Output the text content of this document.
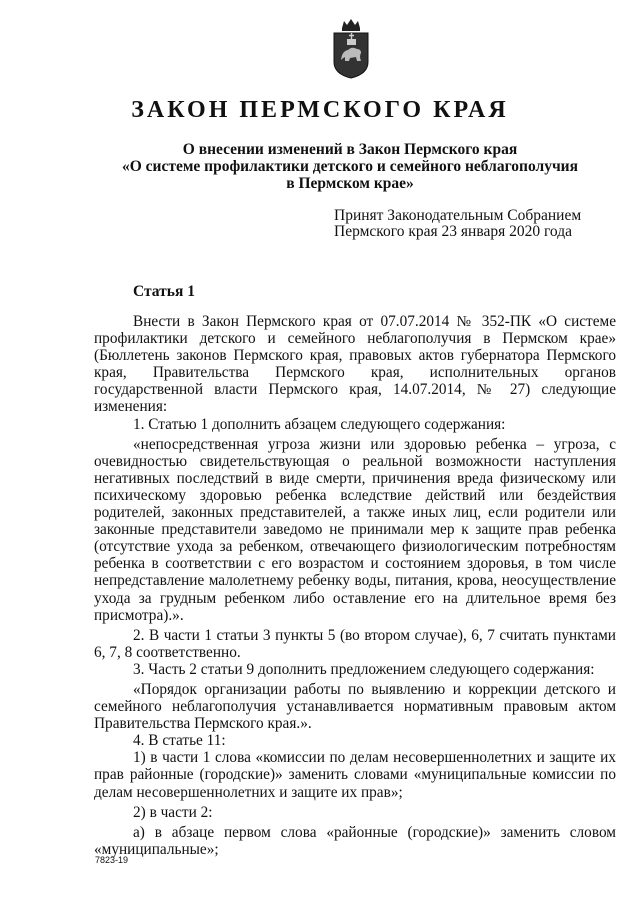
ЗАКОН ПЕРМСКОГО КРАЯ
О внесении изменений в Закон Пермского края
«О системе профилактики детского и семейного неблагополучия
в Пермском крае»
Принят Законодательным Собранием
Пермского края 23 января 2020 года
Статья 1

Внести в Закон Пермского края от 07.07.2014 № 352-ПК «О системе профилактики детского и семейного неблагополучия в Пермском крае» (Бюллетень законов Пермского края, правовых актов губернатора Пермского края, Правительства Пермского края, исполнительных органов государственной власти Пермского края, 14.07.2014, № 27) следующие изменения:

1. Статью 1 дополнить абзацем следующего содержания:

«непосредственная угроза жизни или здоровью ребенка – угроза, с очевидностью свидетельствующая о реальной возможности наступления негативных последствий в виде смерти, причинения вреда физическому или психическому здоровью ребенка вследствие действий или бездействия родителей, законных представителей, а также иных лиц, если родители или законные представители заведомо не принимали мер к защите прав ребенка (отсутствие ухода за ребенком, отвечающего физиологическим потребностям ребенка в соответствии с его возрастом и состоянием здоровья, в том числе непредставление малолетнему ребенку воды, питания, крова, неосуществление ухода за грудным ребенком либо оставление его на длительное время без присмотра).».

2. В части 1 статьи 3 пункты 5 (во втором случае), 6, 7 считать пунктами 6, 7, 8 соответственно.

3. Часть 2 статьи 9 дополнить предложением следующего содержания:

«Порядок организации работы по выявлению и коррекции детского и семейного неблагополучия устанавливается нормативным правовым актом Правительства Пермского края.».

4. В статье 11:

1) в части 1 слова «комиссии по делам несовершеннолетних и защите их прав районные (городские)» заменить словами «муниципальные комиссии по делам несовершеннолетних и защите их прав»;

2) в части 2:

а) в абзаце первом слова «районные (городские)» заменить словом «муниципальные»;

7823-19
